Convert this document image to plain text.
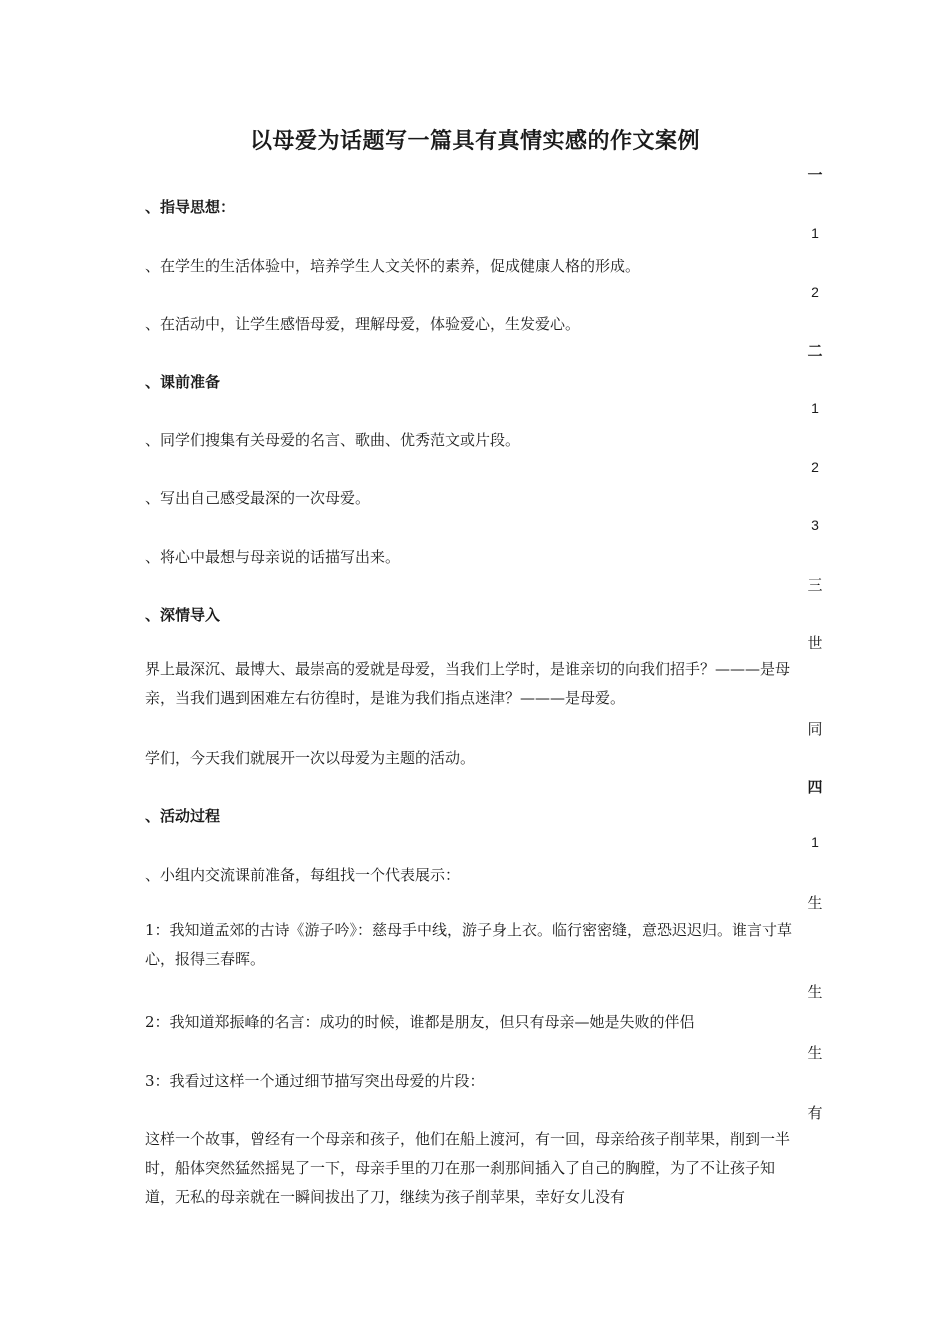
以母爱为话题写一篇具有真情实感的作文案例
一
1
2
二
1
2
3
三
世
同
四
1
生
生
生
有
、指导思想：
、在学生的生活体验中，培养学生人文关怀的素养，促成健康人格的形成。
、在活动中，让学生感悟母爱，理解母爱，体验爱心，生发爱心。
、课前准备
、同学们搜集有关母爱的名言、歌曲、优秀范文或片段。
、写出自己感受最深的一次母爱。
、将心中最想与母亲说的话描写出来。
、深情导入
界上最深沉、最博大、最崇高的爱就是母爱，当我们上学时，是谁亲切的向我们招手？———是母亲，当我们遇到困难左右彷徨时，是谁为我们指点迷津？———是母爱。
学们，今天我们就展开一次以母爱为主题的活动。
、活动过程
、小组内交流课前准备，每组找一个代表展示：
1：我知道孟郊的古诗《游子吟》：慈母手中线，游子身上衣。临行密密缝，意恐迟迟归。谁言寸草心，报得三春晖。
2：我知道郑振峰的名言：成功的时候，谁都是朋友，但只有母亲—她是失败的伴侣
3：我看过这样一个通过细节描写突出母爱的片段：
这样一个故事，曾经有一个母亲和孩子，他们在船上渡河，有一回，母亲给孩子削苹果，削到一半时，船体突然猛然摇晃了一下，母亲手里的刀在那一刹那间插入了自己的胸膛，为了不让孩子知道，无私的母亲就在一瞬间拔出了刀，继续为孩子削苹果，幸好女儿没有
